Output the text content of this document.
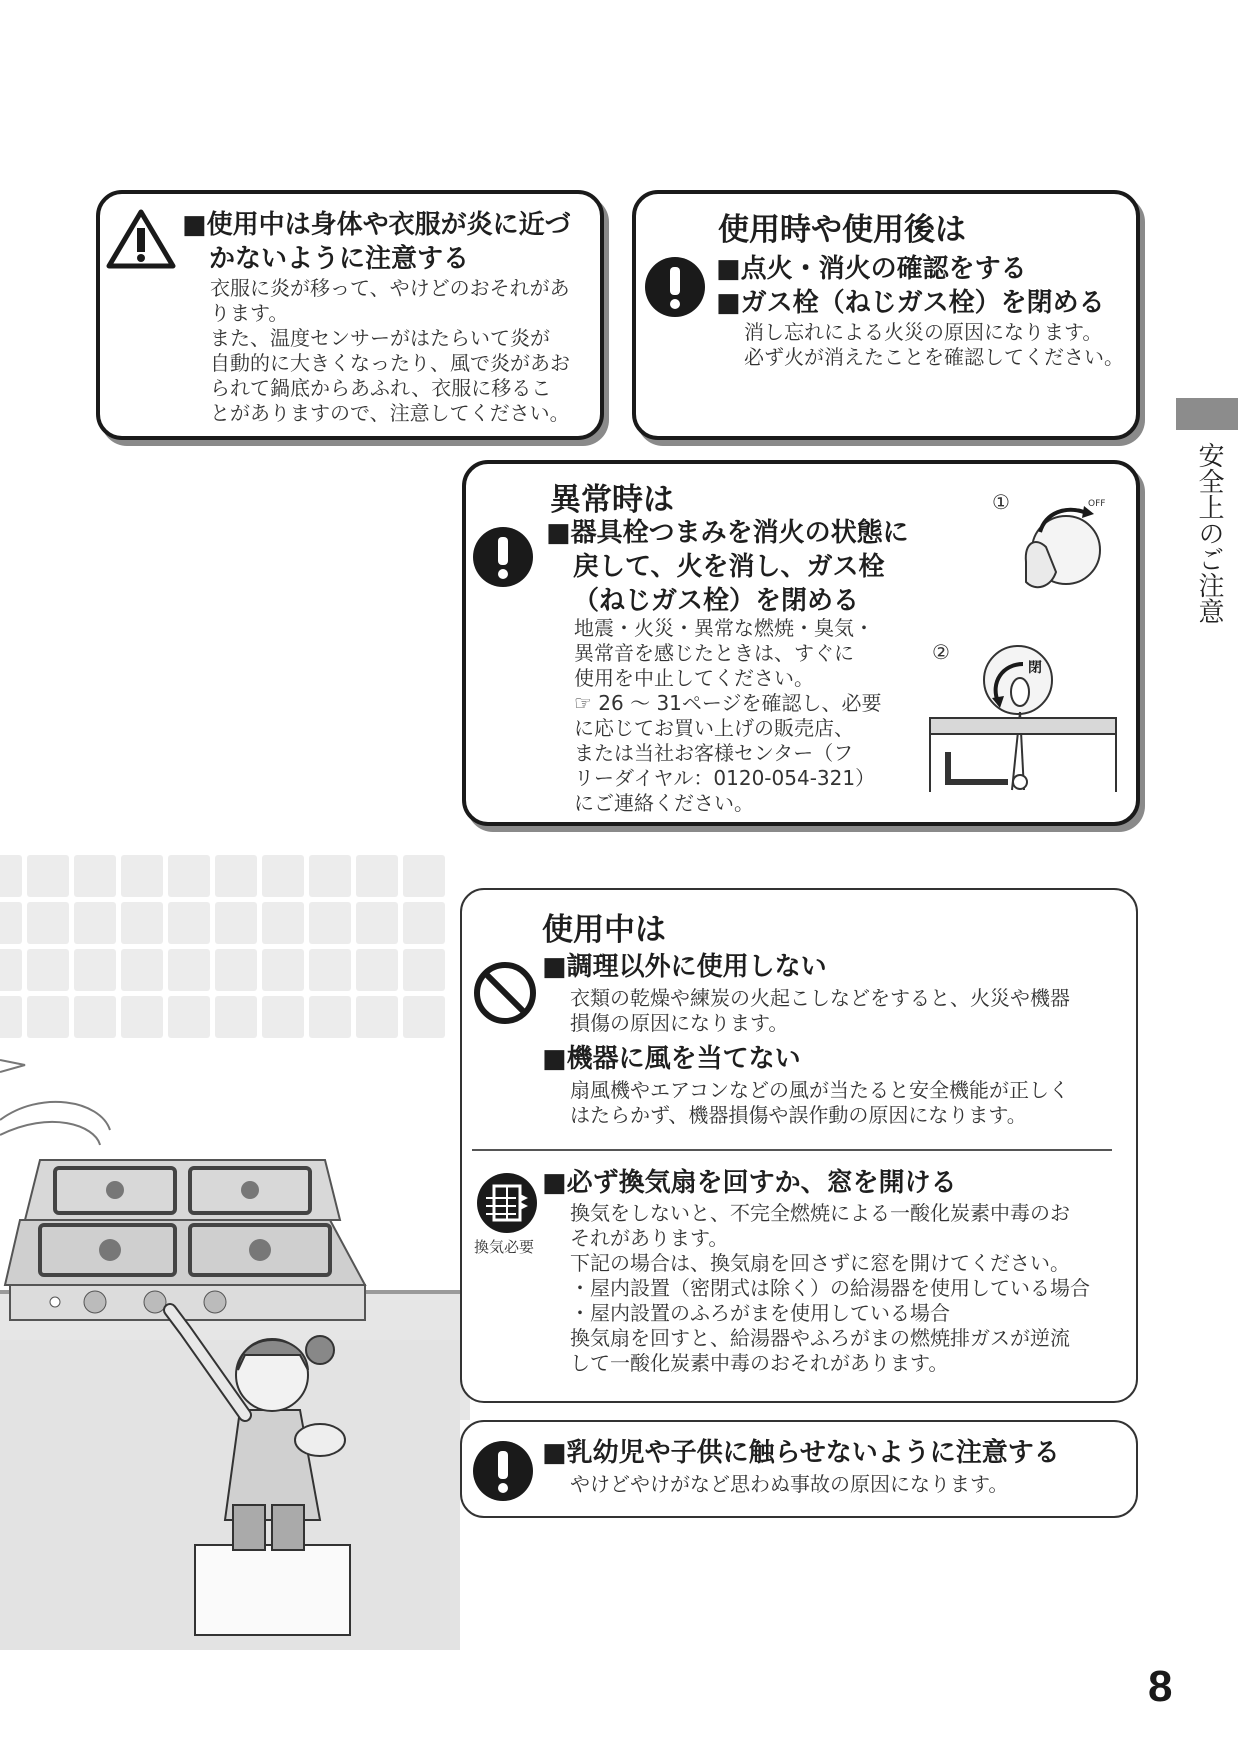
■使用中は身体や衣服が炎に近づ
かないように注意する
衣服に炎が移って、やけどのおそれがあ
ります。
また、温度センサーがはたらいて炎が
自動的に大きくなったり、風で炎があお
られて鍋底からあふれ、衣服に移るこ
とがありますので、注意してください。
使用時や使用後は
■点火・消火の確認をする
■ガス栓（ねじガス栓）を閉める
消し忘れによる火災の原因になります。
必ず火が消えたことを確認してください。
異常時は
■器具栓つまみを消火の状態に
戻して、火を消し、ガス栓
（ねじガス栓）を閉める
地震・火災・異常な燃焼・臭気・
異常音を感じたときは、すぐに
使用を中止してください。
☞ 26 ～ 31ページを確認し、必要
に応じてお買い上げの販売店、
または当社お客様センター（フ
リーダイヤル：0120-054-321）
にご連絡ください。
①	OFF
②
閉
使用中は
■調理以外に使用しない
衣類の乾燥や練炭の火起こしなどをすると、火災や機器
損傷の原因になります。
■機器に風を当てない
扇風機やエアコンなどの風が当たると安全機能が正しく
はたらかず、機器損傷や誤作動の原因になります。
換気必要
■必ず換気扇を回すか、窓を開ける
換気をしないと、不完全燃焼による一酸化炭素中毒のお
それがあります。
下記の場合は、換気扇を回さずに窓を開けてください。
・屋内設置（密閉式は除く）の給湯器を使用している場合
・屋内設置のふろがまを使用している場合
換気扇を回すと、給湯器やふろがまの燃焼排ガスが逆流
して一酸化炭素中毒のおそれがあります。
■乳幼児や子供に触らせないように注意する
やけどやけがなど思わぬ事故の原因になります。
安全上のご注意
8
